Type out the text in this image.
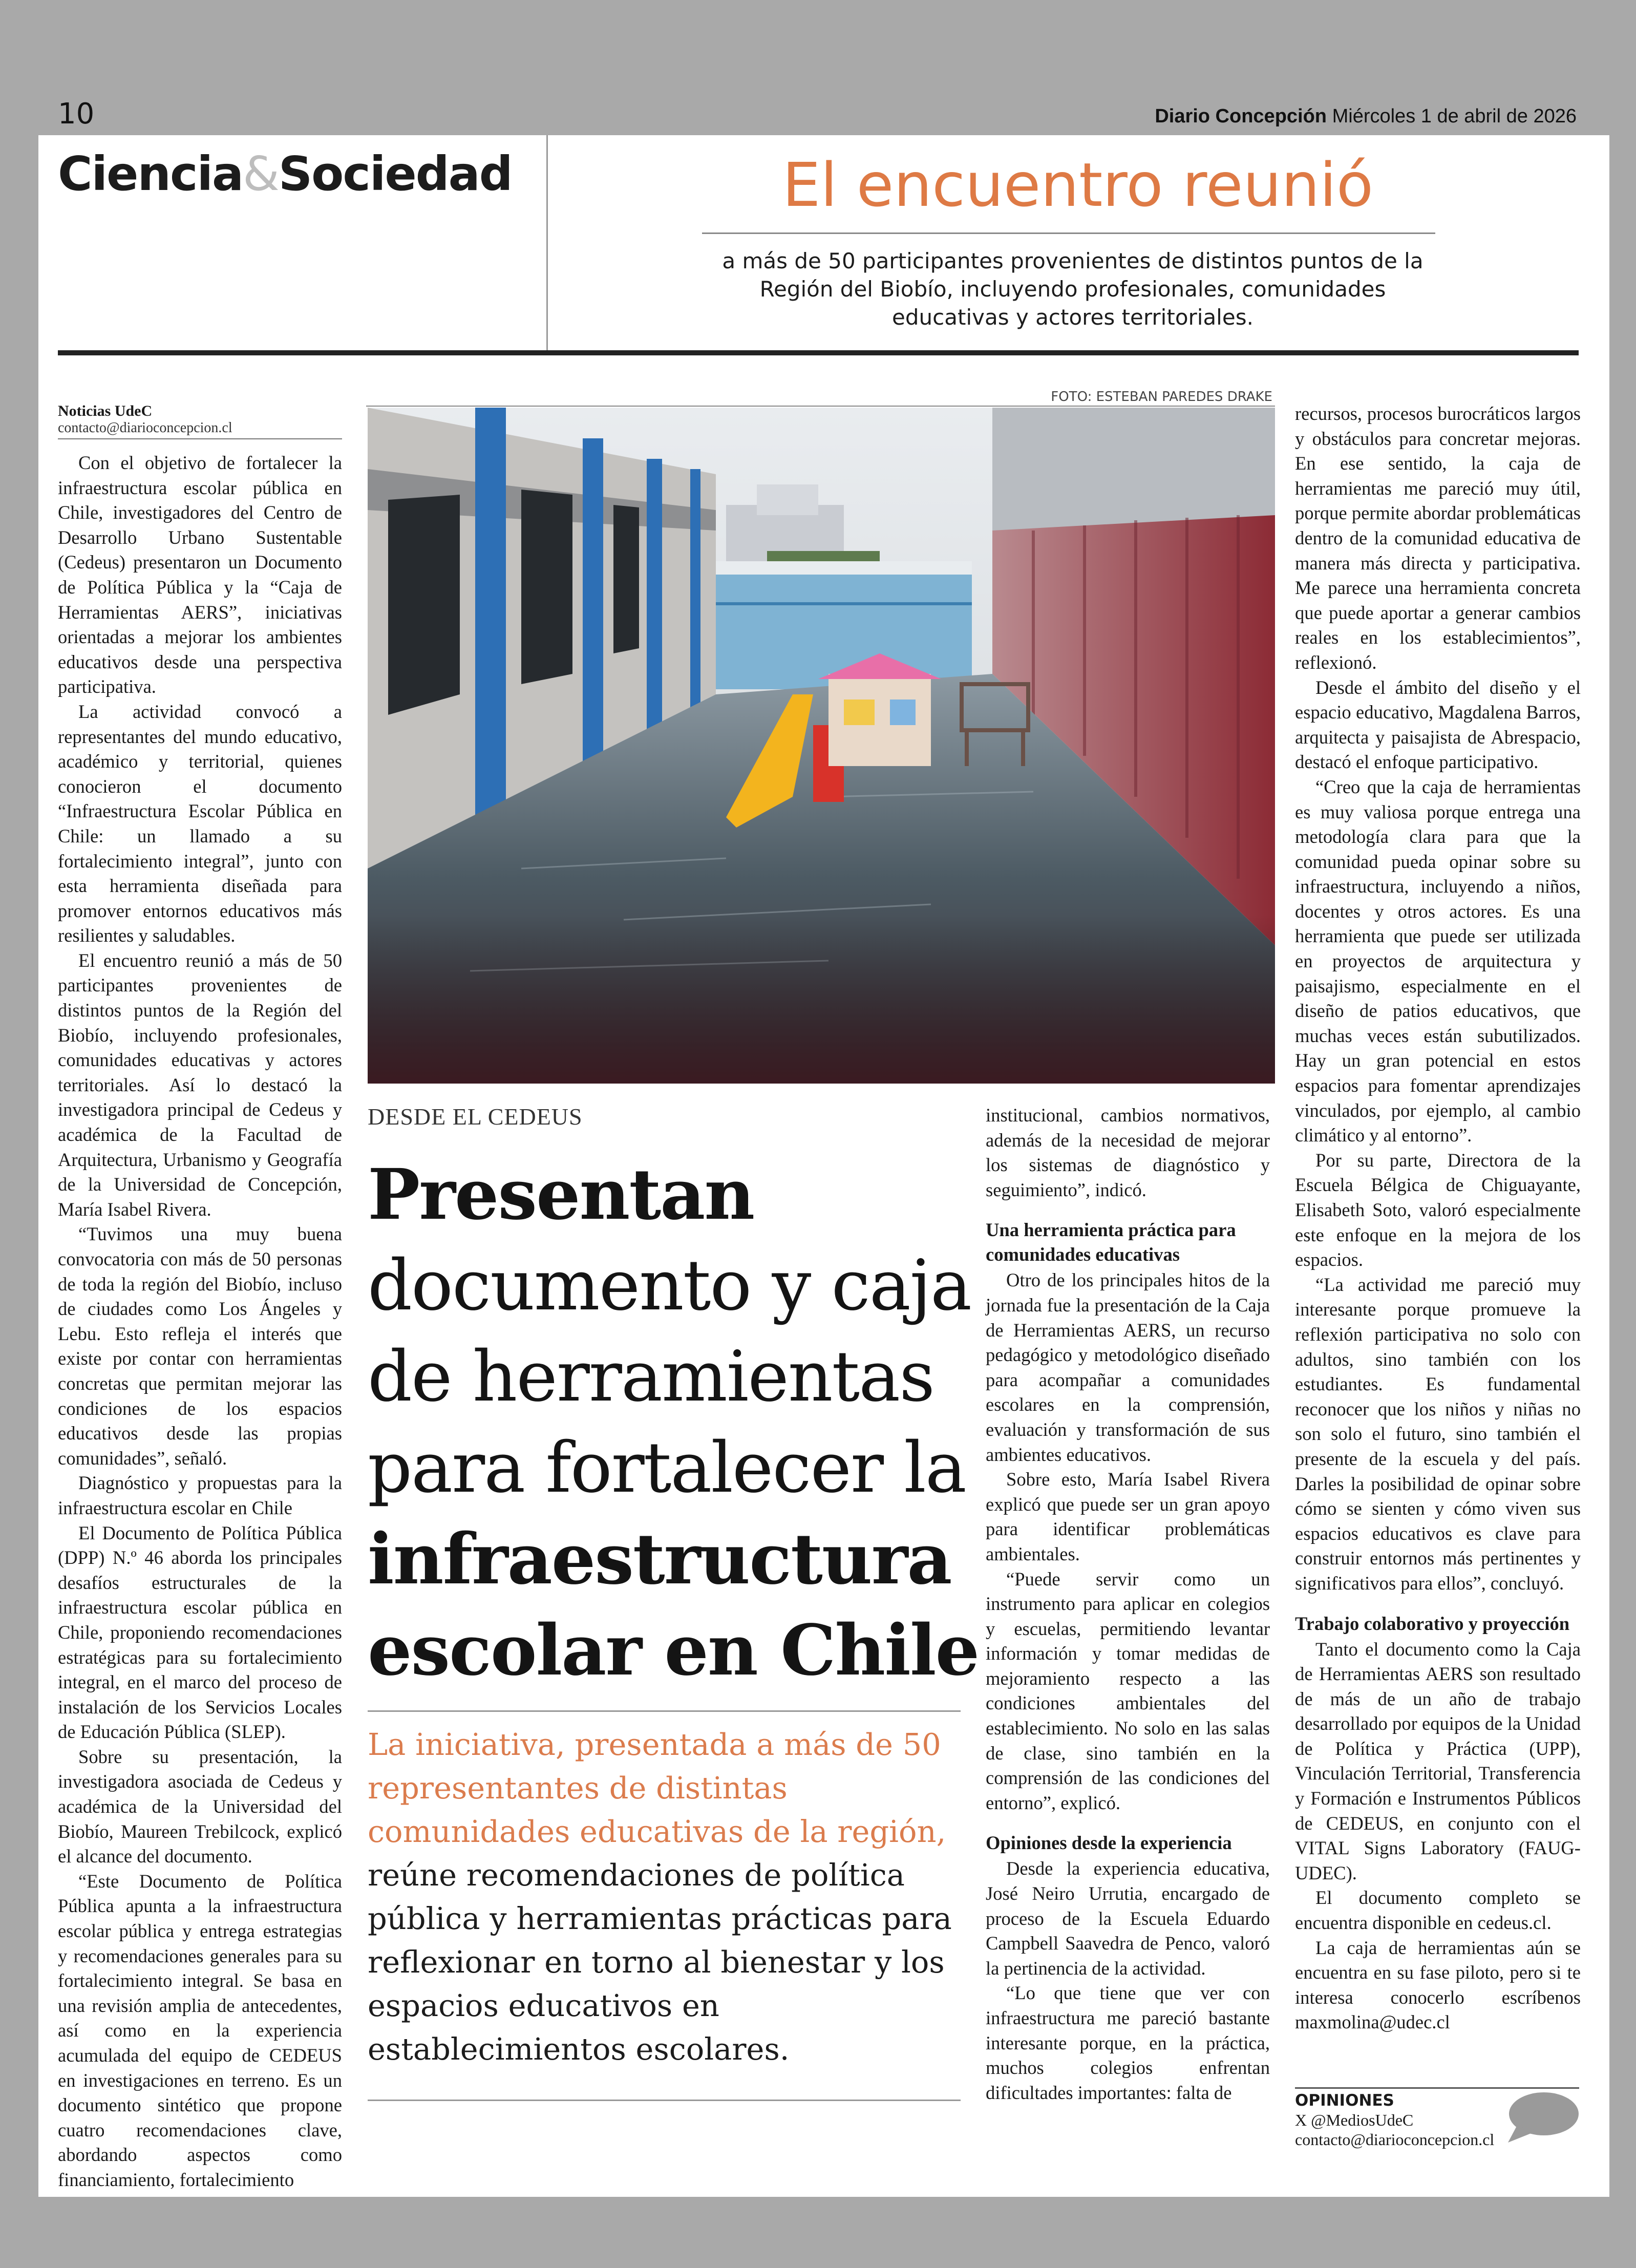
10	Diario Concepción Miércoles 1 de abril de 2026
Ciencia&Sociedad	El encuentro reunió
a más de 50 participantes provenientes de distintos puntos de la Región del Biobío, incluyendo profesionales, comunidades educativas y actores territoriales.
Noticias UdeC
contacto@diarioconcepcion.cl

Con el objetivo de fortalecer la infraestructura escolar pública en Chile, investigadores del Centro de Desarrollo Urbano Sustentable (Cedeus) presentaron un Documento de Política Pública y la “Caja de Herramientas AERS”, iniciativas orientadas a mejorar los ambientes educativos desde una perspectiva participativa.

La actividad convocó a representantes del mundo educativo, académico y territorial, quienes conocieron el documento “Infraestructura Escolar Pública en Chile: un llamado a su fortalecimiento integral”, junto con esta herramienta diseñada para promover entornos educativos más resilientes y saludables.

El encuentro reunió a más de 50 participantes provenientes de distintos puntos de la Región del Biobío, incluyendo profesionales, comunidades educativas y actores territoriales. Así lo destacó la investigadora principal de Cedeus y académica de la Facultad de Arquitectura, Urbanismo y Geografía de la Universidad de Concepción, María Isabel Rivera.

“Tuvimos una muy buena convocatoria con más de 50 personas de toda la región del Biobío, incluso de ciudades como Los Ángeles y Lebu. Esto refleja el interés que existe por contar con herramientas concretas que permitan mejorar las condiciones de los espacios educativos desde las propias comunidades”, señaló.

Diagnóstico y propuestas para la infraestructura escolar en Chile

El Documento de Política Pública (DPP) N.º 46 aborda los principales desafíos estructurales de la infraestructura escolar pública en Chile, proponiendo recomendaciones estratégicas para su fortalecimiento integral, en el marco del proceso de instalación de los Servicios Locales de Educación Pública (SLEP).

Sobre su presentación, la investigadora asociada de Cedeus y académica de la Universidad del Biobío, Maureen Trebilcock, explicó el alcance del documento.

“Este Documento de Política Pública apunta a la infraestructura escolar pública y entrega estrategias y recomendaciones generales para su fortalecimiento integral. Se basa en una revisión amplia de antecedentes, así como en la experiencia acumulada del equipo de CEDEUS en investigaciones en terreno. Es un documento sintético que propone cuatro recomendaciones clave, abordando aspectos como financiamiento, fortalecimiento

FOTO: ESTEBAN PAREDES DRAKE
DESDE EL CEDEUS
Presentan
documento y caja
de herramientas
para fortalecer la
infraestructura
escolar en Chile
La iniciativa, presentada a más de 50 representantes de distintas comunidades educativas de la región, reúne recomendaciones de política pública y herramientas prácticas para reflexionar en torno al bienestar y los espacios educativos en establecimientos escolares.

institucional, cambios normativos, además de la necesidad de mejorar los sistemas de diagnóstico y seguimiento”, indicó.

Una herramienta práctica para comunidades educativas

Otro de los principales hitos de la jornada fue la presentación de la Caja de Herramientas AERS, un recurso pedagógico y metodológico diseñado para acompañar a comunidades escolares en la comprensión, evaluación y transformación de sus ambientes educativos.

Sobre esto, María Isabel Rivera explicó que puede ser un gran apoyo para identificar problemáticas ambientales.

“Puede servir como un instrumento para aplicar en colegios y escuelas, permitiendo levantar información y tomar medidas de mejoramiento respecto a las condiciones ambientales del establecimiento. No solo en las salas de clase, sino también en la comprensión de las condiciones del entorno”, explicó.

Opiniones desde la experiencia

Desde la experiencia educativa, José Neiro Urrutia, encargado de proceso de la Escuela Eduardo Campbell Saavedra de Penco, valoró la pertinencia de la actividad.

“Lo que tiene que ver con infraestructura me pareció bastante interesante porque, en la práctica, muchos colegios enfrentan dificultades importantes: falta de

recursos, procesos burocráticos largos y obstáculos para concretar mejoras. En ese sentido, la caja de herramientas me pareció muy útil, porque permite abordar problemáticas dentro de la comunidad educativa de manera más directa y participativa. Me parece una herramienta concreta que puede aportar a generar cambios reales en los establecimientos”, reflexionó.

Desde el ámbito del diseño y el espacio educativo, Magdalena Barros, arquitecta y paisajista de Abrespacio, destacó el enfoque participativo.

“Creo que la caja de herramientas es muy valiosa porque entrega una metodología clara para que la comunidad pueda opinar sobre su infraestructura, incluyendo a niños, docentes y otros actores. Es una herramienta que puede ser utilizada en proyectos de arquitectura y paisajismo, especialmente en el diseño de patios educativos, que muchas veces están subutilizados. Hay un gran potencial en estos espacios para fomentar aprendizajes vinculados, por ejemplo, al cambio climático y al entorno”.

Por su parte, Directora de la Escuela Bélgica de Chiguayante, Elisabeth Soto, valoró especialmente este enfoque en la mejora de los espacios.

“La actividad me pareció muy interesante porque promueve la reflexión participativa no solo con adultos, sino también con los estudiantes. Es fundamental reconocer que los niños y niñas no son solo el futuro, sino también el presente de la escuela y del país. Darles la posibilidad de opinar sobre cómo se sienten y cómo viven sus espacios educativos es clave para construir entornos más pertinentes y significativos para ellos”, concluyó.

Trabajo colaborativo y proyección

Tanto el documento como la Caja de Herramientas AERS son resultado de más de un año de trabajo desarrollado por equipos de la Unidad de Política y Práctica (UPP), Vinculación Territorial, Transferencia y Formación e Instrumentos Públicos de CEDEUS, en conjunto con el VITAL Signs Laboratory (FAUG-UDEC).

El documento completo se encuentra disponible en cedeus.cl.

La caja de herramientas aún se encuentra en su fase piloto, pero si te interesa conocerlo escríbenos maxmolina@udec.cl

OPINIONES
X @MediosUdeC
contacto@diarioconcepcion.cl
